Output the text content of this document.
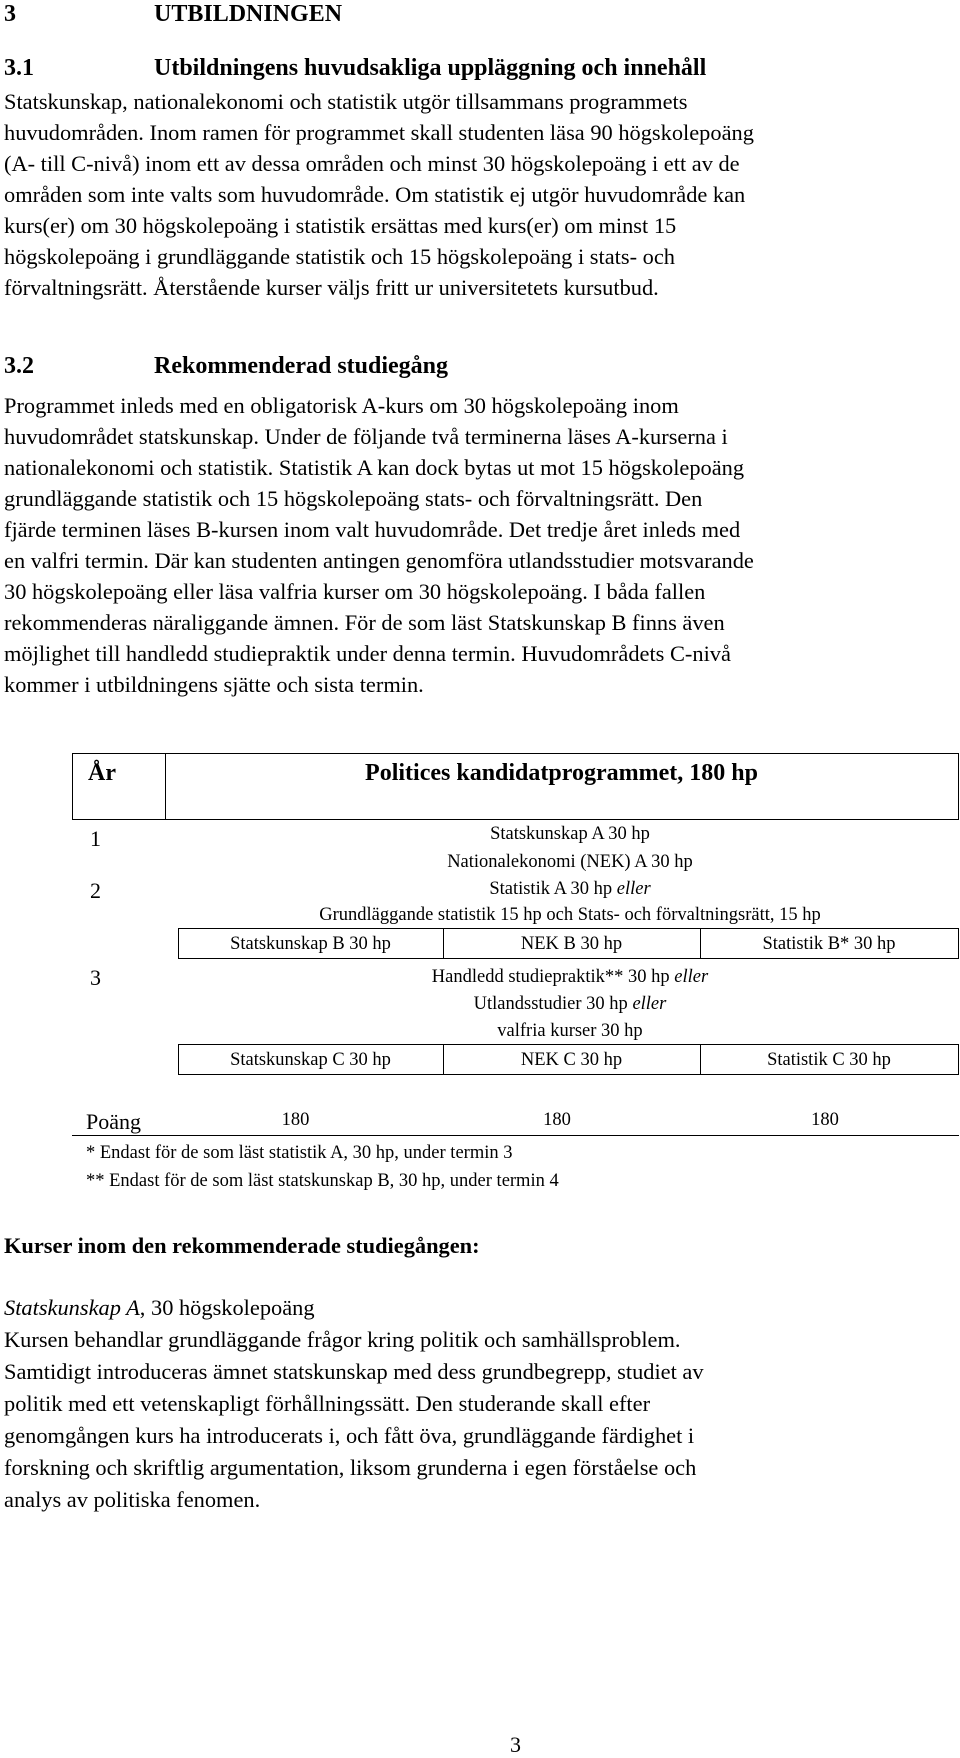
3	UTBILDNINGEN
3.1	Utbildningens huvudsakliga uppläggning och innehåll

Statskunskap, nationalekonomi och statistik utgör tillsammans programmets

huvudområden. Inom ramen för programmet skall studenten läsa 90 högskolepoäng

(A- till C-nivå) inom ett av dessa områden och minst 30 högskolepoäng i ett av de

områden som inte valts som huvudområde. Om statistik ej utgör huvudområde kan

kurs(er) om 30 högskolepoäng i statistik ersättas med kurs(er) om minst 15

högskolepoäng i grundläggande statistik och 15 högskolepoäng i stats- och

förvaltningsrätt. Återstående kurser väljs fritt ur universitetets kursutbud.

3.2	Rekommenderad studiegång

Programmet inleds med en obligatorisk A-kurs om 30 högskolepoäng inom

huvudområdet statskunskap. Under de följande två terminerna läses A-kurserna i

nationalekonomi och statistik. Statistik A kan dock bytas ut mot 15 högskolepoäng

grundläggande statistik och 15 högskolepoäng stats- och förvaltningsrätt. Den

fjärde terminen läses B-kursen inom valt huvudområde. Det tredje året inleds med

en valfri termin. Där kan studenten antingen genomföra utlandsstudier motsvarande

30 högskolepoäng eller läsa valfria kurser om 30 högskolepoäng. I båda fallen

rekommenderas näraliggande ämnen. För de som läst Statskunskap B finns även

möjlighet till handledd studiepraktik under denna termin. Huvudområdets C-nivå

kommer i utbildningens sjätte och sista termin.

År	Politices kandidatprogrammet, 180 hp
1	Statskunskap A 30 hp
Nationalekonomi (NEK) A 30 hp
2	Statistik A 30 hp eller
Grundläggande statistik 15 hp och Stats- och förvaltningsrätt, 15 hp
Statskunskap B 30 hp	NEK B 30 hp	Statistik B* 30 hp
3	Handledd studiepraktik** 30 hp eller
Utlandsstudier 30 hp eller
valfria kurser 30 hp
Statskunskap C 30 hp	NEK C 30 hp	Statistik C 30 hp
Poäng	180	180	180
* Endast för de som läst statistik A, 30 hp, under termin 3
** Endast för de som läst statskunskap B, 30 hp, under termin 4
Kurser inom den rekommenderade studiegången:

Statskunskap A, 30 högskolepoäng

Kursen behandlar grundläggande frågor kring politik och samhällsproblem.

Samtidigt introduceras ämnet statskunskap med dess grundbegrepp, studiet av

politik med ett vetenskapligt förhållningssätt. Den studerande skall efter

genomgången kurs ha introducerats i, och fått öva, grundläggande färdighet i

forskning och skriftlig argumentation, liksom grunderna i egen förståelse och

analys av politiska fenomen.

3
